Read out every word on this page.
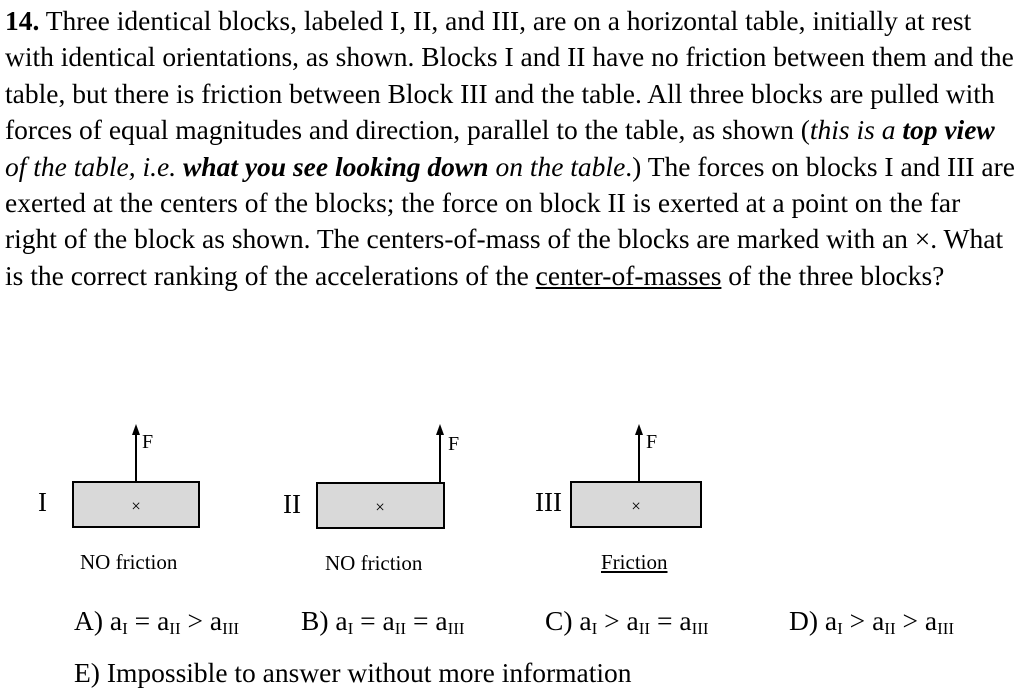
14. Three identical blocks, labeled I, II, and III, are on a horizontal table, initially at rest with identical orientations, as shown. Blocks I and II have no friction between them and the table, but there is friction between Block III and the table. All three blocks are pulled with forces of equal magnitudes and direction, parallel to the table, as shown (this is a top view of the table, i.e. what you see looking down on the table.) The forces on blocks I and III are exerted at the centers of the blocks; the force on block II is exerted at a point on the far right of the block as shown. The centers-of-mass of the blocks are marked with an ×. What is the correct ranking of the accelerations of the center-of-masses of the three blocks?

I	×
F
NO friction
II	×
F
NO friction
III	×
F
Friction
A) $a_I = a_{II} > a_{III}$ B) $a_I = a_{II} = a_{III}$	C) $a_I > a_{II} = a_{III}$	D) $a_I > a_{II} > a_{III}$
E) Impossible to answer without more information
